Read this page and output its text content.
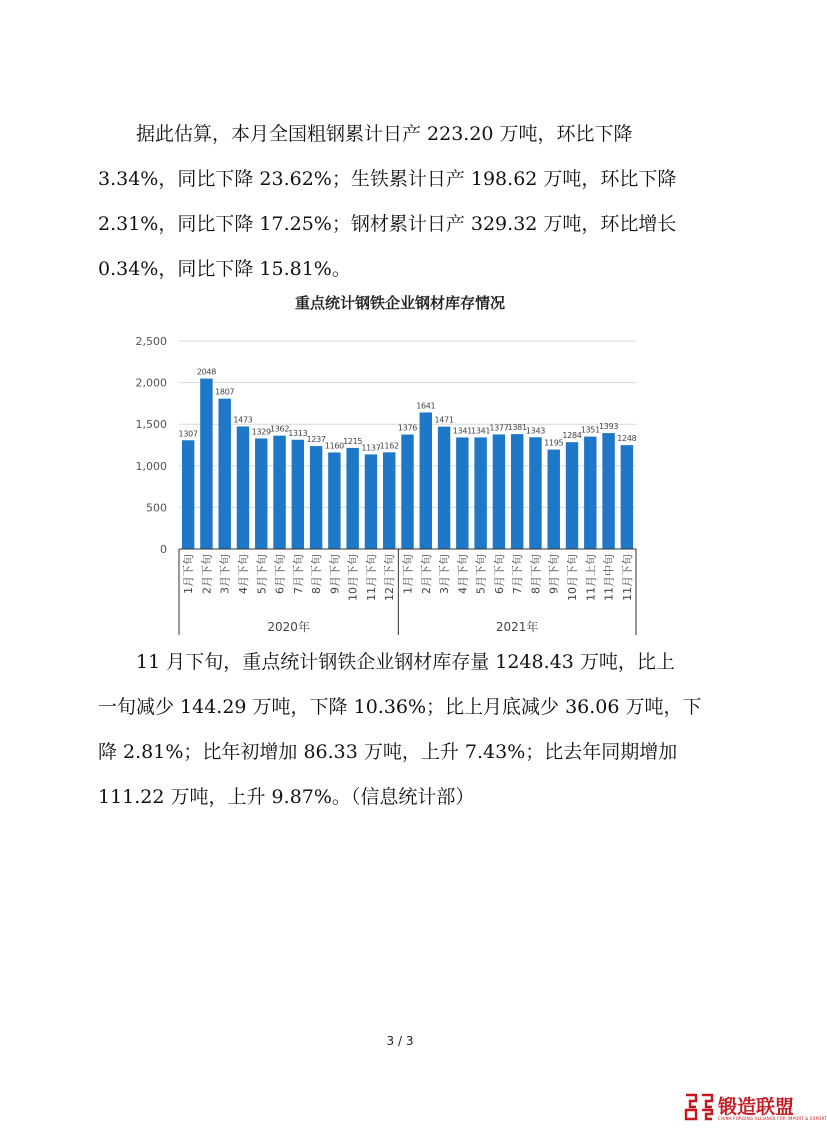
据此估算，本月全国粗钢累计日产 223.20 万吨，环比下降

3.34%，同比下降 23.62%；生铁累计日产 198.62 万吨，环比下降

2.31%，同比下降 17.25%；钢材累计日产 329.32 万吨，环比增长

0.34%，同比下降 15.81%。

重点统计钢铁企业钢材库存情况
2,500
2,000
1,500
1,000
500
0
1307
1月下旬
2048
2月下旬
1807
3月下旬
1473
4月下旬
1329
5月下旬
1362
6月下旬
1313
7月下旬
1237
8月下旬
1160
9月下旬
1215
10月下旬
1137
11月下旬
1162
12月下旬
1376
1月下旬
1641
2月下旬
1471
3月下旬
1341
4月下旬
1341
5月下旬
1377
6月下旬
1381
7月下旬
1343
8月下旬
1195
9月下旬
1284
10月下旬
1351
11月上旬
1393
11月中旬
1248
11月下旬
2020年	2021年

11 月下旬，重点统计钢铁企业钢材库存量 1248.43 万吨，比上

一旬减少 144.29 万吨，下降 10.36%；比上月底减少 36.06 万吨，下

降 2.81%；比年初增加 86.33 万吨，上升 7.43%；比去年同期增加

111.22 万吨，上升 9.87%。（信息统计部）

3 / 3
锻造联盟
CHINA FORGING ALLIANCE FOR IMPORT & EXPORT
